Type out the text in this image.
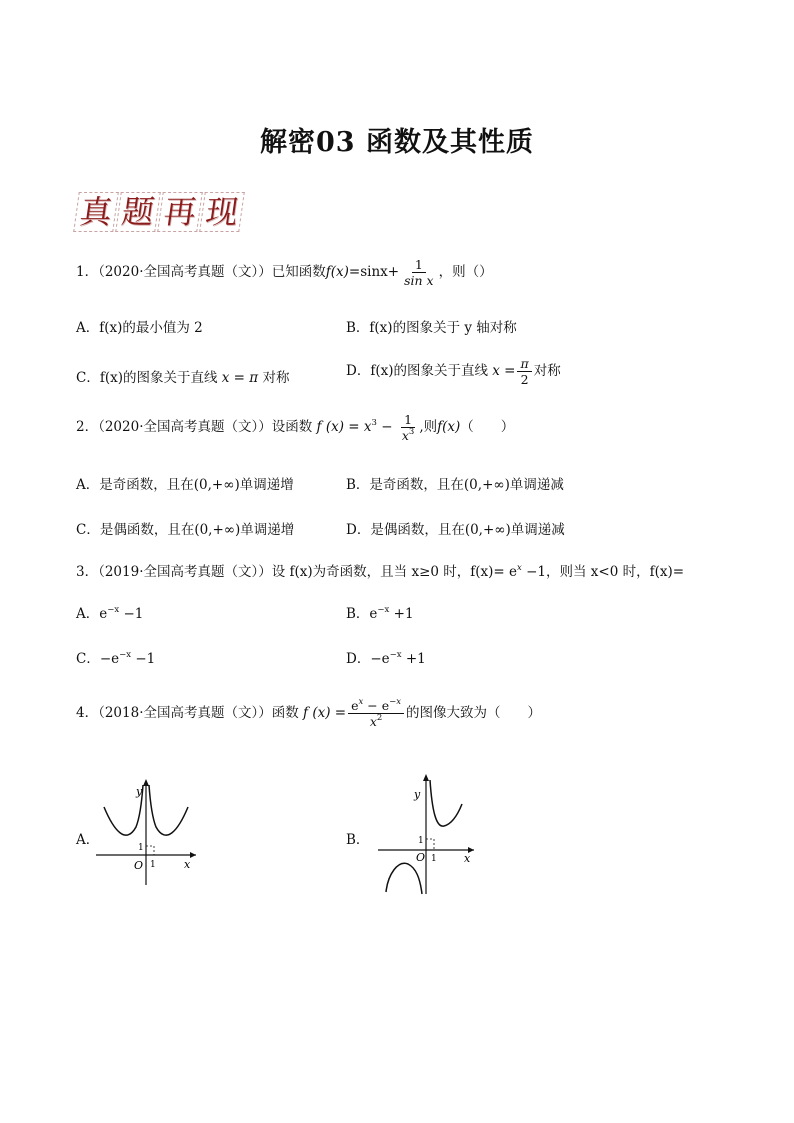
解密03 函数及其性质
真 题 再 现
1．（2020·全国高考真题（文））已知函数$f(x)=\sin x+ \frac{1}{\text{sin x}}$ ，则（）
A．f(x)的最小值为 2	B．f(x)的图象关于 y 轴对称
C．f(x)的图象关于直线 x = π 对称	D．f(x)的图象关于直线 $x = \frac{\pi}{2}$ 对称
2．（2020·全国高考真题（文））设函数 f $(x) = x^3 - \frac{1}{x^3}$ ,则f(x)（　　）
A．是奇函数，且在(0,+∞)单调递增	B．是奇函数，且在(0,+∞)单调递减
C．是偶函数，且在(0,+∞)单调递增	D．是偶函数，且在(0,+∞)单调递减
3．（2019·全国高考真题（文））设 f(x)为奇函数，且当 x≥0 时，$f(x)= e^x -1$，则当 x<0 时，f(x)=
A．$e^{-x} -1$	B．$e^{-x} +1$
C．$-e^{-x} -1$	D．$-e^{-x} +1$
4．（2018·全国高考真题（文））函数 f $(x) = \frac{e^x - e^{-x}}{x^2}$ 的图像大致为（　　）
A．
y
x
O 1
1	B．
y
x
O 1
1
